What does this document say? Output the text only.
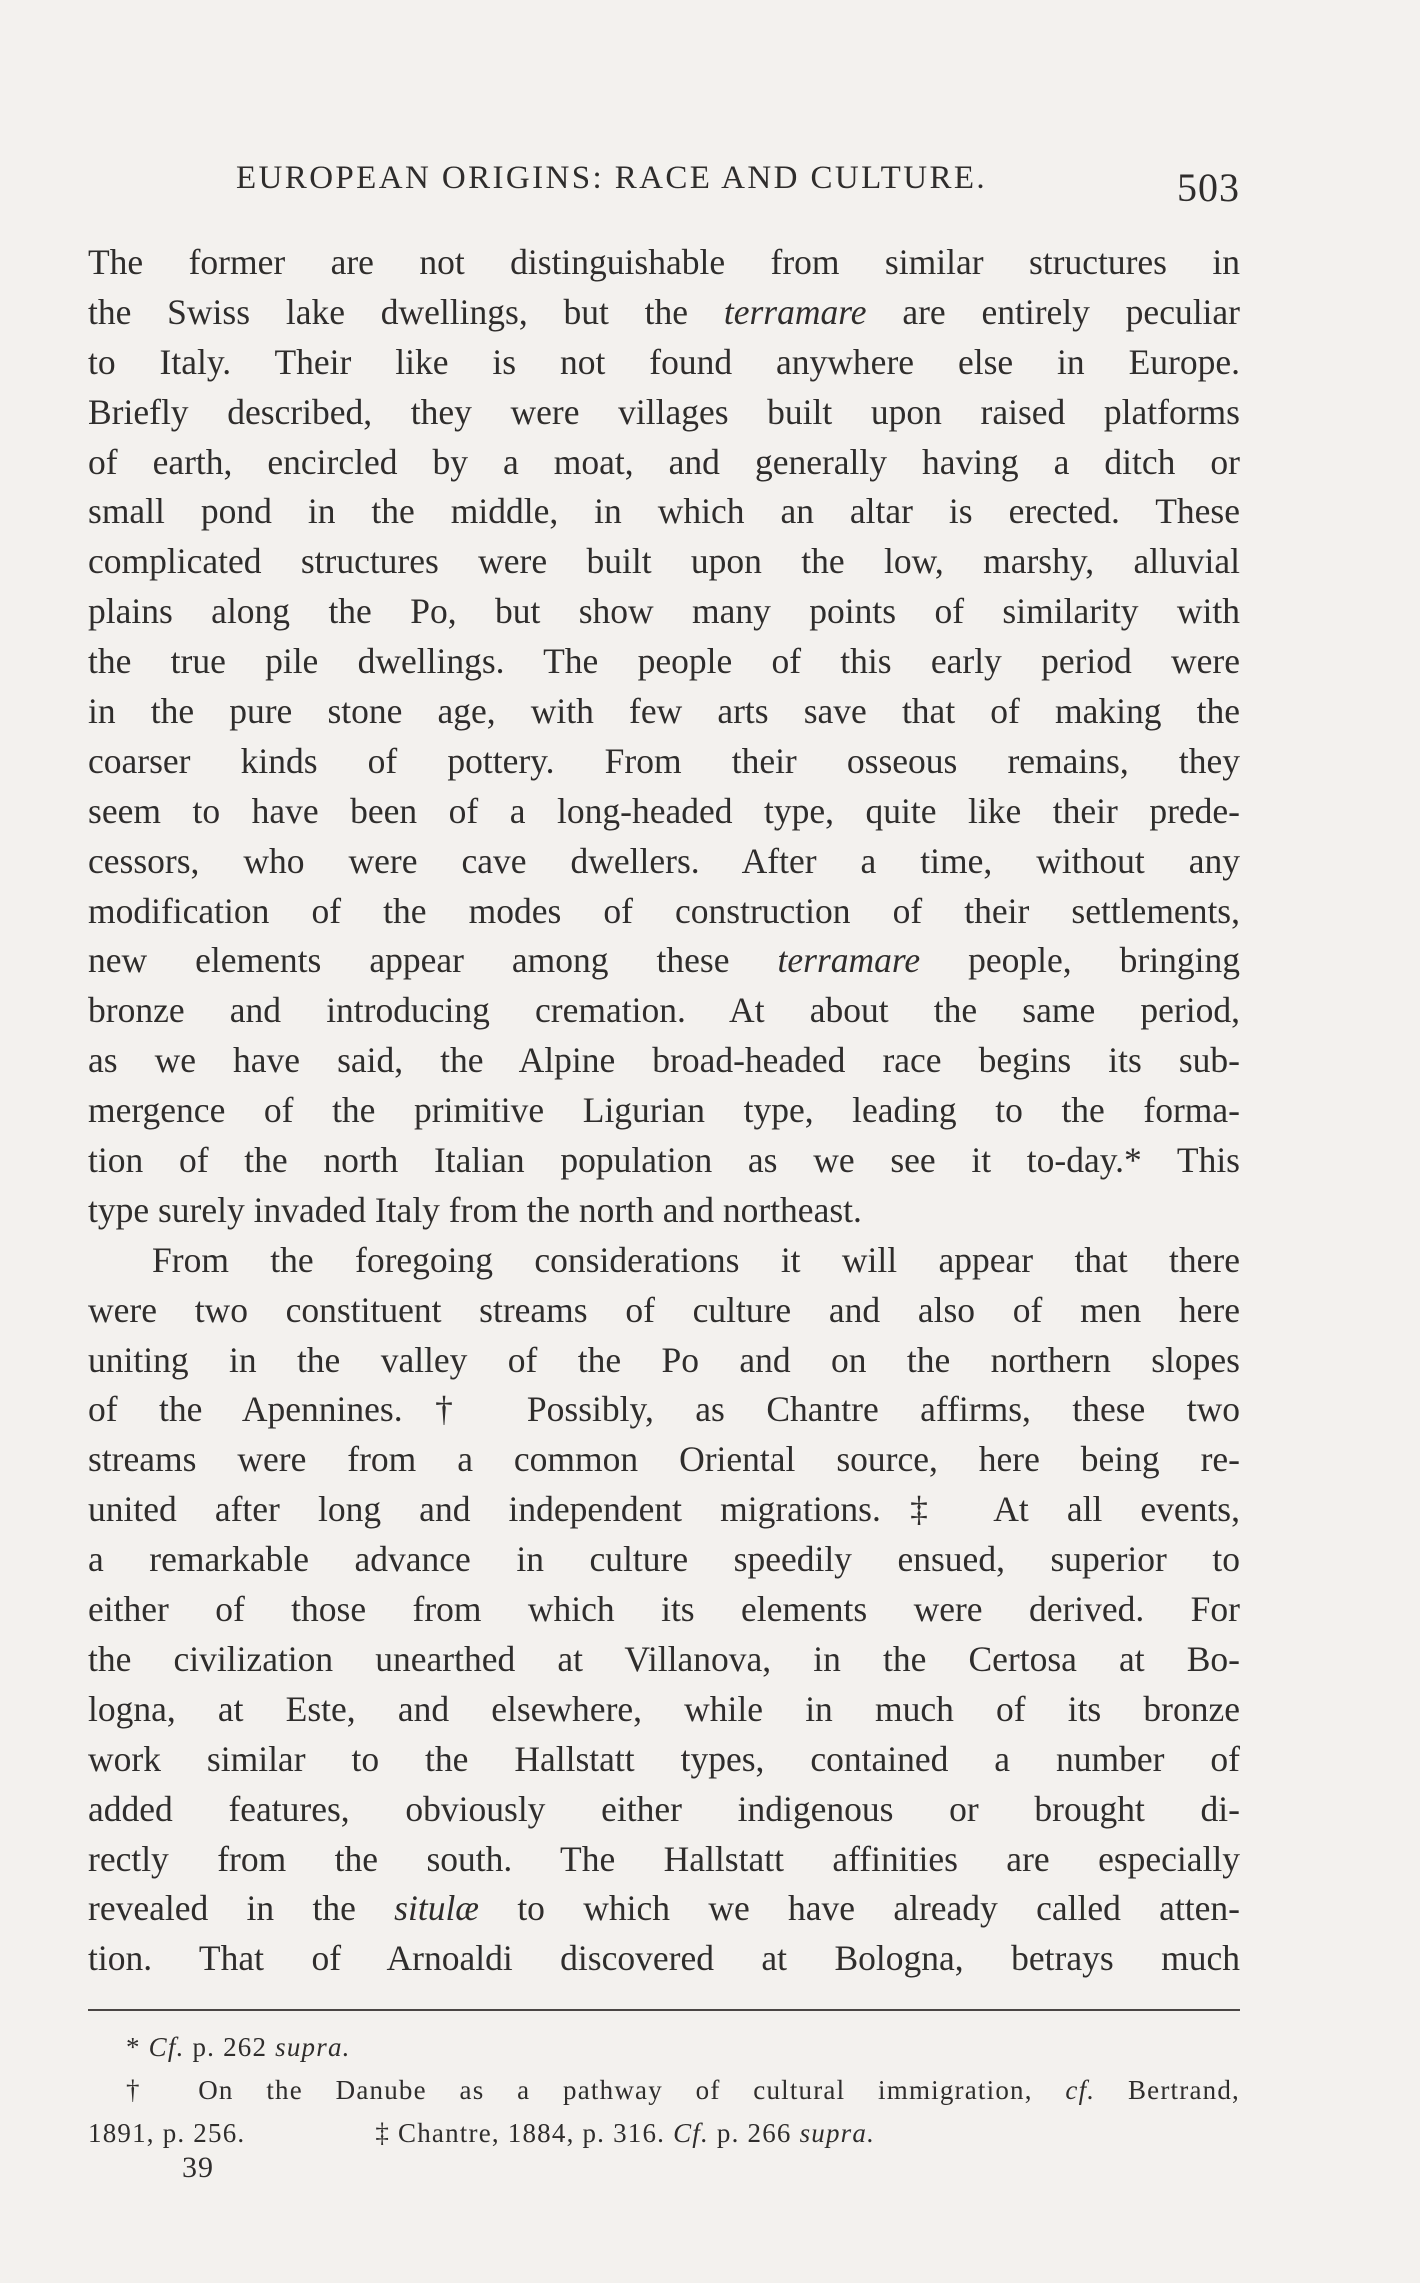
EUROPEAN ORIGINS: RACE AND CULTURE.	503
The former are not distinguishable from similar structures in
the Swiss lake dwellings, but the terramare are entirely peculiar
to Italy. Their like is not found anywhere else in Europe.
Briefly described, they were villages built upon raised platforms
of earth, encircled by a moat, and generally having a ditch or
small pond in the middle, in which an altar is erected. These
complicated structures were built upon the low, marshy, alluvial
plains along the Po, but show many points of similarity with
the true pile dwellings. The people of this early period were
in the pure stone age, with few arts save that of making the
coarser kinds of pottery. From their osseous remains, they
seem to have been of a long-headed type, quite like their prede-
cessors, who were cave dwellers. After a time, without any
modification of the modes of construction of their settlements,
new elements appear among these terramare people, bringing
bronze and introducing cremation. At about the same period,
as we have said, the Alpine broad-headed race begins its sub-
mergence of the primitive Ligurian type, leading to the forma-
tion of the north Italian population as we see it to-day.* This
type surely invaded Italy from the north and northeast.
From the foregoing considerations it will appear that there
were two constituent streams of culture and also of men here
uniting in the valley of the Po and on the northern slopes
of the Apennines.† Possibly, as Chantre affirms, these two
streams were from a common Oriental source, here being re-
united after long and independent migrations.‡ At all events,
a remarkable advance in culture speedily ensued, superior to
either of those from which its elements were derived. For
the civilization unearthed at Villanova, in the Certosa at Bo-
logna, at Este, and elsewhere, while in much of its bronze
work similar to the Hallstatt types, contained a number of
added features, obviously either indigenous or brought di-
rectly from the south. The Hallstatt affinities are especially
revealed in the situlæ to which we have already called atten-
tion. That of Arnoaldi discovered at Bologna, betrays much
* Cf. p. 262 supra.
† On the Danube as a pathway of cultural immigration, cf. Bertrand,
1891, p. 256.	‡ Chantre, 1884, p. 316. Cf. p. 266 supra.
39
